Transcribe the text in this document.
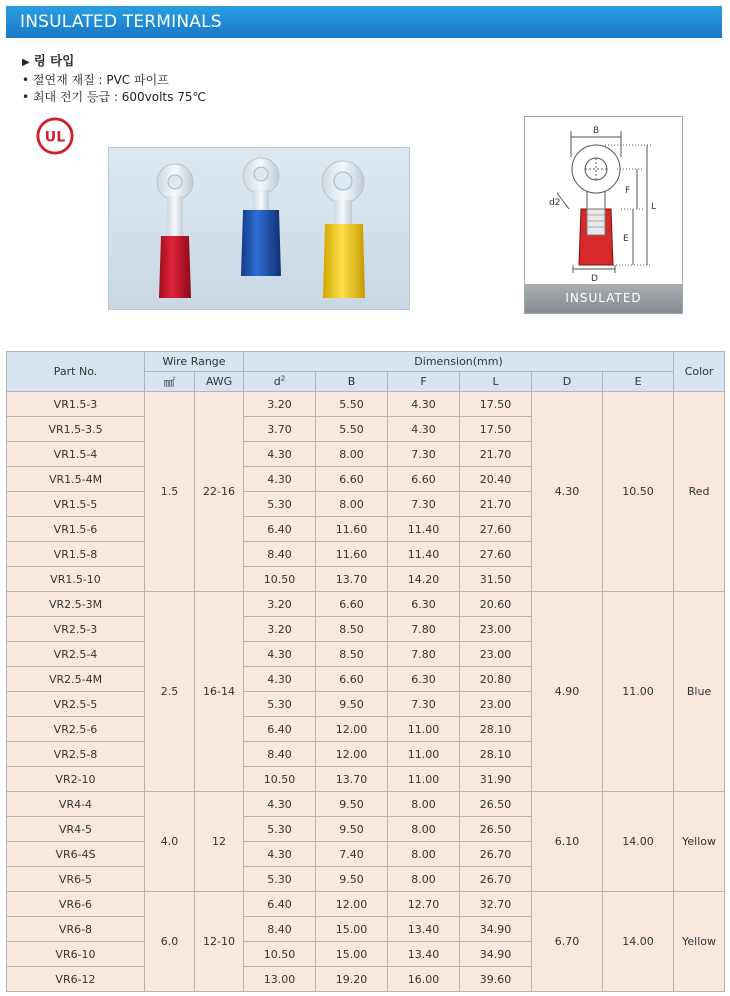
INSULATED TERMINALS
▶ 링 타입
• 절연재 재질 : PVC 파이프
• 최대 전기 등급 : 600volts 75℃
UL	B
d2
F
L
E
D
INSULATED
Part No.	Wire Range		Dimension(mm)						Color
	㎟	AWG	$d^2$	B	F	L	D	E	
VR1.5-3	1.5	22-16	3.20	5.50	4.30	17.50	4.30	10.50	Red
VR1.5-3.5			3.70	5.50	4.30	17.50			
VR1.5-4			4.30	8.00	7.30	21.70			
VR1.5-4M			4.30	6.60	6.60	20.40			
VR1.5-5			5.30	8.00	7.30	21.70			
VR1.5-6			6.40	11.60	11.40	27.60			
VR1.5-8			8.40	11.60	11.40	27.60			
VR1.5-10			10.50	13.70	14.20	31.50			
VR2.5-3M	2.5	16-14	3.20	6.60	6.30	20.60	4.90	11.00	Blue
VR2.5-3			3.20	8.50	7.80	23.00			
VR2.5-4			4.30	8.50	7.80	23.00			
VR2.5-4M			4.30	6.60	6.30	20.80			
VR2.5-5			5.30	9.50	7.30	23.00			
VR2.5-6			6.40	12.00	11.00	28.10			
VR2.5-8			8.40	12.00	11.00	28.10			
VR2-10			10.50	13.70	11.00	31.90			
VR4-4	4.0	12	4.30	9.50	8.00	26.50	6.10	14.00	Yellow
VR4-5			5.30	9.50	8.00	26.50			
VR6-4S			4.30	7.40	8.00	26.70			
VR6-5			5.30	9.50	8.00	26.70			
VR6-6	6.0	12-10	6.40	12.00	12.70	32.70	6.70	14.00	Yellow
VR6-8			8.40	15.00	13.40	34.90			
VR6-10			10.50	15.00	13.40	34.90			
VR6-12			13.00	19.20	16.00	39.60			
